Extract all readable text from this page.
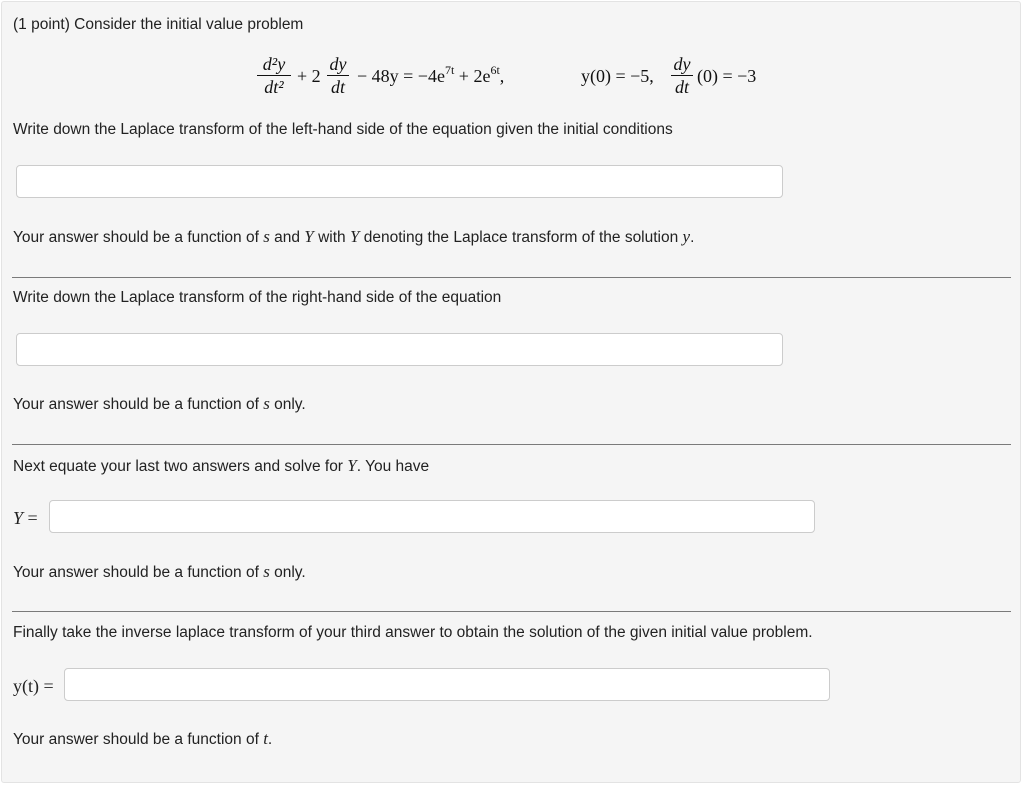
(1 point) Consider the initial value problem
d²y
dt²
+ 2
dy
dt
− $48y = -4e^{7t} + 2e^{6t}$,	y(0) = −5,
dy
dt
(0) = −3
Write down the Laplace transform of the left-hand side of the equation given the initial conditions
Your answer should be a function of s and Y with Y denoting the Laplace transform of the solution y.
Write down the Laplace transform of the right-hand side of the equation
Your answer should be a function of s only.
Next equate your last two answers and solve for Y. You have
Y =
Your answer should be a function of s only.
Finally take the inverse laplace transform of your third answer to obtain the solution of the given initial value problem.
y(t) =
Your answer should be a function of t.
